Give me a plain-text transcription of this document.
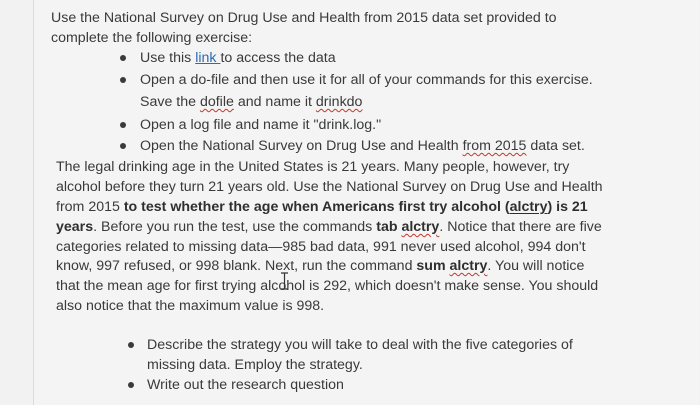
Use the National Survey on Drug Use and Health from 2015 data set provided to
complete the following exercise:
Use this link to access the data
Open a do-file and then use it for all of your commands for this exercise.
Save the dofile and name it drinkdo
Open a log file and name it "drink.log."
Open the National Survey on Drug Use and Health from 2015 data set.
The legal drinking age in the United States is 21 years. Many people, however, try
alcohol before they turn 21 years old. Use the National Survey on Drug Use and Health
from 2015 to test whether the age when Americans first try alcohol (alctry) is 21
years. Before you run the test, use the commands tab alctry. Notice that there are five
categories related to missing data—985 bad data, 991 never used alcohol, 994 don't
know, 997 refused, or 998 blank. Next, run the command sum alctry. You will notice
that the mean age for first trying alcohol is 292, which doesn't make sense. You should
also notice that the maximum value is 998.
Describe the strategy you will take to deal with the five categories of
missing data. Employ the strategy.
Write out the research question
